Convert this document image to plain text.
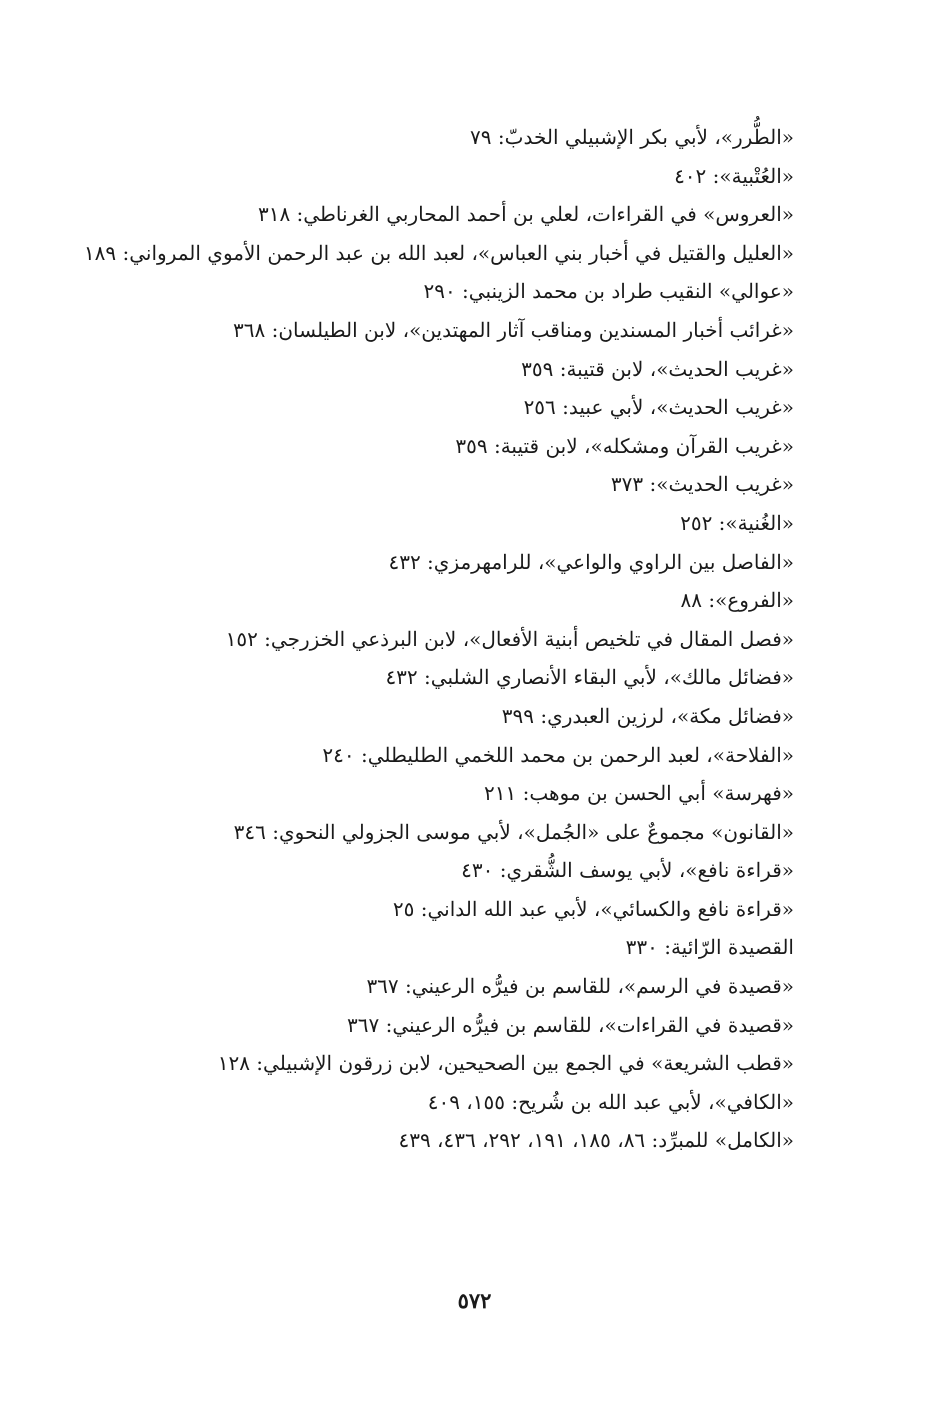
«الطُّرر»، لأبي بكر الإشبيلي الخدبّ: ٧٩
«العُتْبية»: ٤٠٢
«العروس» في القراءات، لعلي بن أحمد المحاربي الغرناطي: ٣١٨
«العليل والقتيل في أخبار بني العباس»، لعبد الله بن عبد الرحمن الأموي المرواني: ١٨٩
«عوالي» النقيب طراد بن محمد الزينبي: ٢٩٠
«غرائب أخبار المسندين ومناقب آثار المهتدين»، لابن الطيلسان: ٣٦٨
«غريب الحديث»، لابن قتيبة: ٣٥٩
«غريب الحديث»، لأبي عبيد: ٢٥٦
«غريب القرآن ومشكله»، لابن قتيبة: ٣٥٩
«غريب الحديث»: ٣٧٣
«الغُنية»: ٢٥٢
«الفاصل بين الراوي والواعي»، للرامهرمزي: ٤٣٢
«الفروع»: ٨٨
«فصل المقال في تلخيص أبنية الأفعال»، لابن البرذعي الخزرجي: ١٥٢
«فضائل مالك»، لأبي البقاء الأنصاري الشلبي: ٤٣٢
«فضائل مكة»، لرزين العبدري: ٣٩٩
«الفلاحة»، لعبد الرحمن بن محمد اللخمي الطليطلي: ٢٤٠
«فهرسة» أبي الحسن بن موهب: ٢١١
«القانون» مجموعٌ على «الجُمل»، لأبي موسى الجزولي النحوي: ٣٤٦
«قراءة نافع»، لأبي يوسف الشُّقري: ٤٣٠
«قراءة نافع والكسائي»، لأبي عبد الله الداني: ٢٥
القصيدة الرّائية: ٣٣٠
«قصيدة في الرسم»، للقاسم بن فيرُّه الرعيني: ٣٦٧
«قصيدة في القراءات»، للقاسم بن فيرُّه الرعيني: ٣٦٧
«قطب الشريعة» في الجمع بين الصحيحين، لابن زرقون الإشبيلي: ١٢٨
«الكافي»، لأبي عبد الله بن شُريح: ١٥٥، ٤٠٩
«الكامل» للمبرِّد: ٨٦، ١٨٥، ١٩١، ٢٩٢، ٤٣٦، ٤٣٩
٥٧٢
